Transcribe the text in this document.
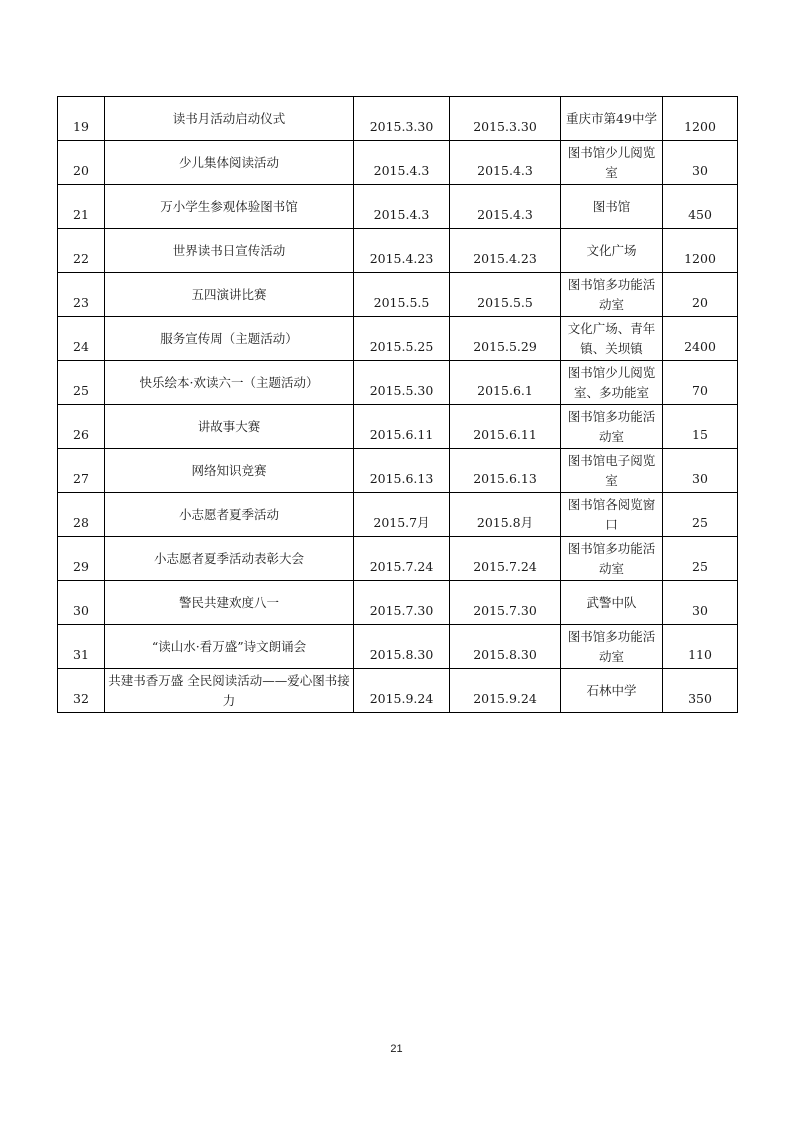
19	读书月活动启动仪式	2015.3.30	2015.3.30	重庆市第49中学	1200
20	少儿集体阅读活动	2015.4.3	2015.4.3	图书馆少儿阅览室	30
21	万小学生参观体验图书馆	2015.4.3	2015.4.3	图书馆	450
22	世界读书日宣传活动	2015.4.23	2015.4.23	文化广场	1200
23	五四演讲比赛	2015.5.5	2015.5.5	图书馆多功能活动室	20
24	服务宣传周（主题活动）	2015.5.25	2015.5.29	文化广场、青年镇、关坝镇	2400
25	快乐绘本·欢读六一（主题活动）	2015.5.30	2015.6.1	图书馆少儿阅览室、多功能室	70
26	讲故事大赛	2015.6.11	2015.6.11	图书馆多功能活动室	15
27	网络知识竞赛	2015.6.13	2015.6.13	图书馆电子阅览室	30
28	小志愿者夏季活动	2015.7月	2015.8月	图书馆各阅览窗口	25
29	小志愿者夏季活动表彰大会	2015.7.24	2015.7.24	图书馆多功能活动室	25
30	警民共建欢度八一	2015.7.30	2015.7.30	武警中队	30
31	“读山水·看万盛”诗文朗诵会	2015.8.30	2015.8.30	图书馆多功能活动室	110
32	共建书香万盛 全民阅读活动——爱心图书接力	2015.9.24	2015.9.24	石林中学	350
21
